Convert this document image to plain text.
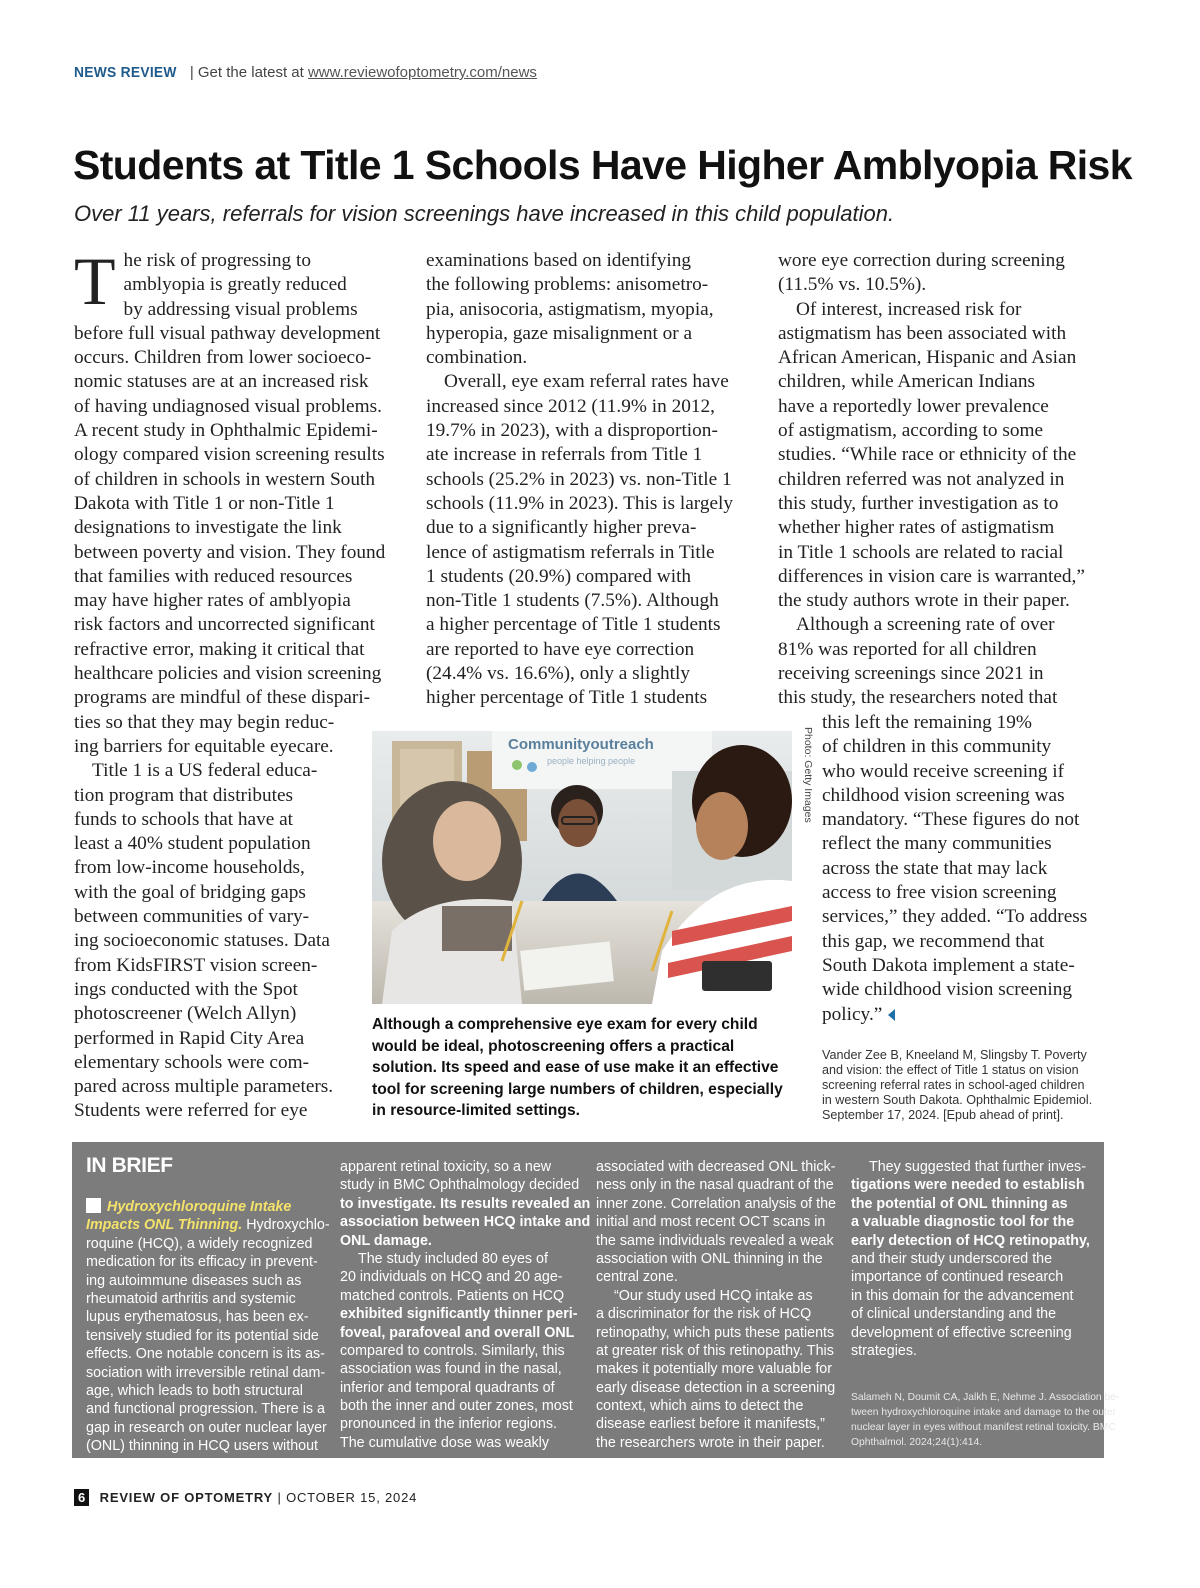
NEWS REVIEW | Get the latest at www.reviewofoptometry.com/news
Students at Title 1 Schools Have Higher Amblyopia Risk

Over 11 years, referrals for vision screenings have increased in this child population.

T he risk of progressing to
amblyopia is greatly reduced
by addressing visual problems
before full visual pathway development
occurs. Children from lower socioeco-
nomic statuses are at an increased risk
of having undiagnosed visual problems.
A recent study in Ophthalmic Epidemi-
ology compared vision screening results
of children in schools in western South
Dakota with Title 1 or non-Title 1
designations to investigate the link
between poverty and vision. They found
that families with reduced resources
may have higher rates of amblyopia
risk factors and uncorrected significant
refractive error, making it critical that
healthcare policies and vision screening
programs are mindful of these dispari-
ties so that they may begin reduc-
ing barriers for equitable eyecare.
Title 1 is a US federal educa-
tion program that distributes
funds to schools that have at
least a 40% student population
from low-income households,
with the goal of bridging gaps
between communities of vary-
ing socioeconomic statuses. Data
from KidsFIRST vision screen-
ings conducted with the Spot
photoscreener (Welch Allyn)
performed in Rapid City Area
elementary schools were com-
pared across multiple parameters.
Students were referred for eye
examinations based on identifying
the following problems: anisometro-
pia, anisocoria, astigmatism, myopia,
hyperopia, gaze misalignment or a
combination.
Overall, eye exam referral rates have
increased since 2012 (11.9% in 2012,
19.7% in 2023), with a disproportion-
ate increase in referrals from Title 1
schools (25.2% in 2023) vs. non-Title 1
schools (11.9% in 2023). This is largely
due to a significantly higher preva-
lence of astigmatism referrals in Title
1 students (20.9%) compared with
non-Title 1 students (7.5%). Although
a higher percentage of Title 1 students
are reported to have eye correction
(24.4% vs. 16.6%), only a slightly
higher percentage of Title 1 students
wore eye correction during screening
(11.5% vs. 10.5%).
Of interest, increased risk for
astigmatism has been associated with
African American, Hispanic and Asian
children, while American Indians
have a reportedly lower prevalence
of astigmatism, according to some
studies. “While race or ethnicity of the
children referred was not analyzed in
this study, further investigation as to
whether higher rates of astigmatism
in Title 1 schools are related to racial
differences in vision care is warranted,”
the study authors wrote in their paper.
Although a screening rate of over
81% was reported for all children
receiving screenings since 2021 in
this study, the researchers noted that
this left the remaining 19%
of children in this community
who would receive screening if
childhood vision screening was
mandatory. “These figures do not
reflect the many communities
across the state that may lack
access to free vision screening
services,” they added. “To address
this gap, we recommend that
South Dakota implement a state-
wide childhood vision screening
policy.”
Communityoutreach
people helping people	Photo: Getty Images
Although a comprehensive eye exam for every child
would be ideal, photoscreening offers a practical
solution. Its speed and ease of use make it an effective
tool for screening large numbers of children, especially
in resource-limited settings.
Vander Zee B, Kneeland M, Slingsby T. Poverty
and vision: the effect of Title 1 status on vision
screening referral rates in school-aged children
in western South Dakota. Ophthalmic Epidemiol.
September 17, 2024. [Epub ahead of print].
IN BRIEF
Hydroxychloroquine Intake
Impacts ONL Thinning. Hydroxychlo-
roquine (HCQ), a widely recognized
medication for its efficacy in prevent-
ing autoimmune diseases such as
rheumatoid arthritis and systemic
lupus erythematosus, has been ex-
tensively studied for its potential side
effects. One notable concern is its as-
sociation with irreversible retinal dam-
age, which leads to both structural
and functional progression. There is a
gap in research on outer nuclear layer
(ONL) thinning in HCQ users without
apparent retinal toxicity, so a new
study in BMC Ophthalmology decided
to investigate. Its results revealed an
association between HCQ intake and
ONL damage.
The study included 80 eyes of
20 individuals on HCQ and 20 age-
matched controls. Patients on HCQ
exhibited significantly thinner peri-
foveal, parafoveal and overall ONL
compared to controls. Similarly, this
association was found in the nasal,
inferior and temporal quadrants of
both the inner and outer zones, most
pronounced in the inferior regions.
The cumulative dose was weakly
associated with decreased ONL thick-
ness only in the nasal quadrant of the
inner zone. Correlation analysis of the
initial and most recent OCT scans in
the same individuals revealed a weak
association with ONL thinning in the
central zone.
“Our study used HCQ intake as
a discriminator for the risk of HCQ
retinopathy, which puts these patients
at greater risk of this retinopathy. This
makes it potentially more valuable for
early disease detection in a screening
context, which aims to detect the
disease earliest before it manifests,”
the researchers wrote in their paper.
They suggested that further inves-
tigations were needed to establish
the potential of ONL thinning as
a valuable diagnostic tool for the
early detection of HCQ retinopathy,
and their study underscored the
importance of continued research
in this domain for the advancement
of clinical understanding and the
development of effective screening
strategies.
Salameh N, Doumit CA, Jalkh E, Nehme J. Association be-
tween hydroxychloroquine intake and damage to the outer
nuclear layer in eyes without manifest retinal toxicity. BMC
Ophthalmol. 2024;24(1):414.
6 REVIEW OF OPTOMETRY | OCTOBER 15, 2024
